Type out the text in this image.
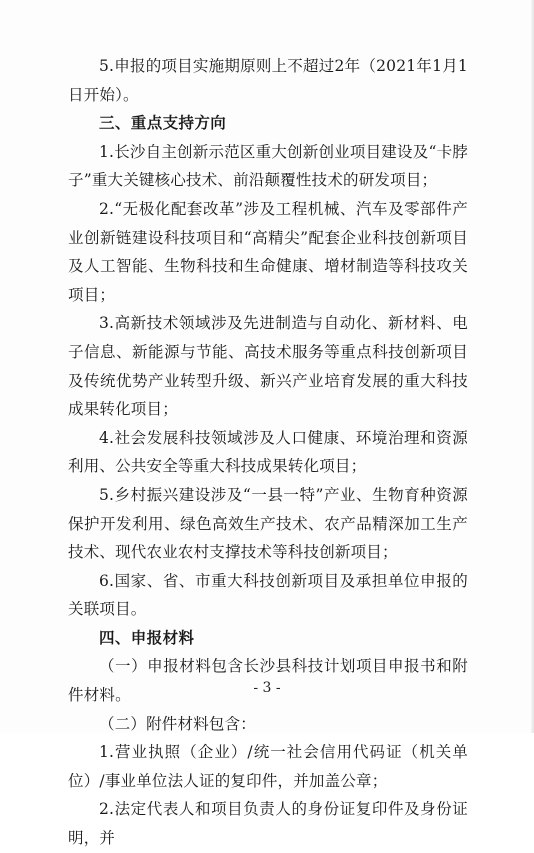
5.申报的项目实施期原则上不超过2年（2021年1月1日开始）。

三、重点支持方向

1.长沙自主创新示范区重大创新创业项目建设及“卡脖子”重大关键核心技术、前沿颠覆性技术的研发项目；

2.“无极化配套改革”涉及工程机械、汽车及零部件产业创新链建设科技项目和“高精尖”配套企业科技创新项目及人工智能、生物科技和生命健康、增材制造等科技攻关项目；

3.高新技术领域涉及先进制造与自动化、新材料、电子信息、新能源与节能、高技术服务等重点科技创新项目及传统优势产业转型升级、新兴产业培育发展的重大科技成果转化项目；

4.社会发展科技领域涉及人口健康、环境治理和资源利用、公共安全等重大科技成果转化项目；

5.乡村振兴建设涉及“一县一特”产业、生物育种资源保护开发利用、绿色高效生产技术、农产品精深加工生产技术、现代农业农村支撑技术等科技创新项目；

6.国家、省、市重大科技创新项目及承担单位申报的关联项目。

四、申报材料

（一）申报材料包含长沙县科技计划项目申报书和附件材料。

（二）附件材料包含：

1.营业执照（企业）/统一社会信用代码证（机关单位）/事业单位法人证的复印件，并加盖公章；

2.法定代表人和项目负责人的身份证复印件及身份证明，并

- 3 -
